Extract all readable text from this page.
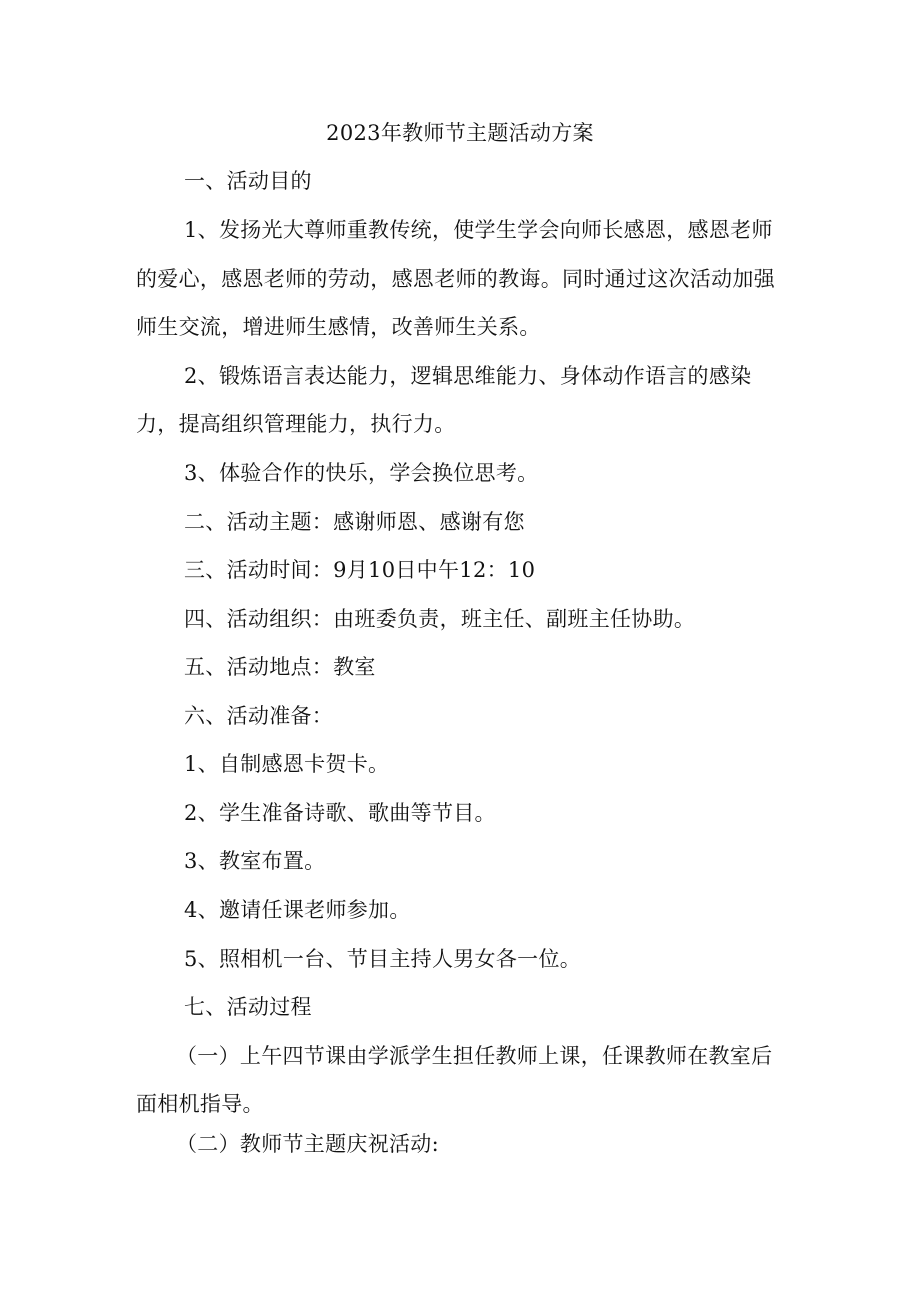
2023年教师节主题活动方案
一、活动目的
1、发扬光大尊师重教传统，使学生学会向师长感恩，感恩老师
的爱心，感恩老师的劳动，感恩老师的教诲。同时通过这次活动加强
师生交流，增进师生感情，改善师生关系。
2、锻炼语言表达能力，逻辑思维能力、身体动作语言的感染
力，提高组织管理能力，执行力。
3、体验合作的快乐，学会换位思考。
二、活动主题：感谢师恩、感谢有您
三、活动时间：9月10日中午12：10
四、活动组织：由班委负责，班主任、副班主任协助。
五、活动地点：教室
六、活动准备：
1、自制感恩卡贺卡。
2、学生准备诗歌、歌曲等节目。
3、教室布置。
4、邀请任课老师参加。
5、照相机一台、节目主持人男女各一位。
七、活动过程
（一）上午四节课由学派学生担任教师上课，任课教师在教室后
面相机指导。
（二）教师节主题庆祝活动:
